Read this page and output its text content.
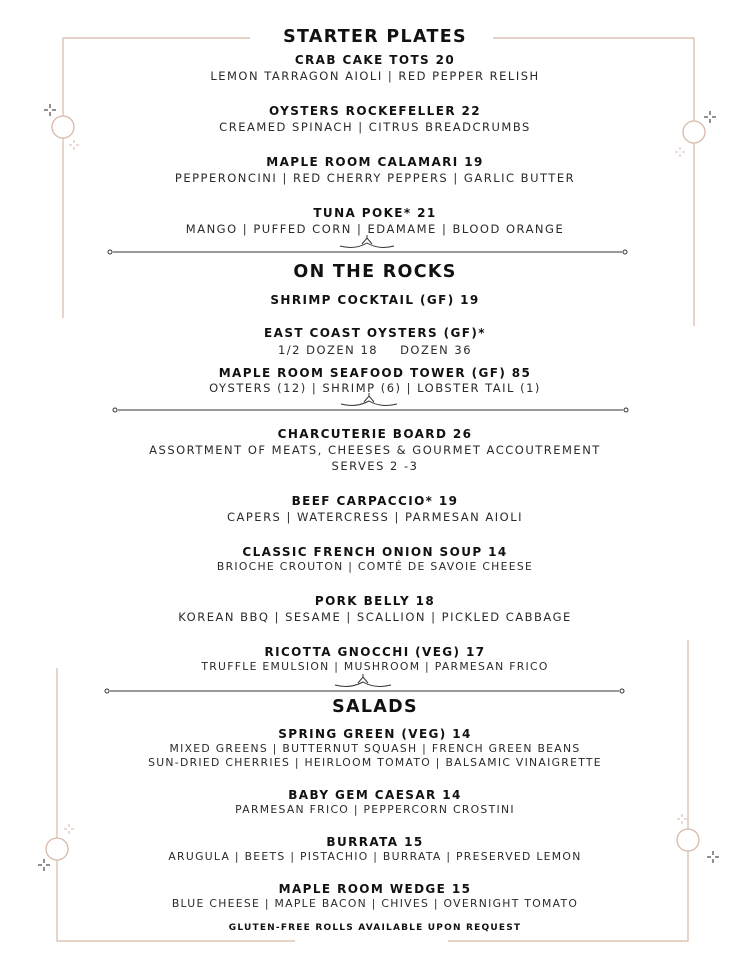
STARTER PLATES
CRAB CAKE TOTS 20
LEMON TARRAGON AIOLI | RED PEPPER RELISH
OYSTERS ROCKEFELLER 22
CREAMED SPINACH | CITRUS BREADCRUMBS
MAPLE ROOM CALAMARI 19
PEPPERONCINI | RED CHERRY PEPPERS | GARLIC BUTTER
TUNA POKE* 21
MANGO | PUFFED CORN | EDAMAME | BLOOD ORANGE
ON THE ROCKS
SHRIMP COCKTAIL (GF) 19
EAST COAST OYSTERS (GF)*
1/2 DOZEN 18 DOZEN 36
MAPLE ROOM SEAFOOD TOWER (GF) 85
OYSTERS (12) | SHRIMP (6) | LOBSTER TAIL (1)
CHARCUTERIE BOARD 26
ASSORTMENT OF MEATS, CHEESES & GOURMET ACCOUTREMENT
SERVES 2 -3
BEEF CARPACCIO* 19
CAPERS | WATERCRESS | PARMESAN AIOLI
CLASSIC FRENCH ONION SOUP 14
BRIOCHE CROUTON | COMTÉ DE SAVOIE CHEESE
PORK BELLY 18
KOREAN BBQ | SESAME | SCALLION | PICKLED CABBAGE
RICOTTA GNOCCHI (VEG) 17
TRUFFLE EMULSION | MUSHROOM | PARMESAN FRICO
SALADS
SPRING GREEN (VEG) 14
MIXED GREENS | BUTTERNUT SQUASH | FRENCH GREEN BEANS
SUN-DRIED CHERRIES | HEIRLOOM TOMATO | BALSAMIC VINAIGRETTE
BABY GEM CAESAR 14
PARMESAN FRICO | PEPPERCORN CROSTINI
BURRATA 15
ARUGULA | BEETS | PISTACHIO | BURRATA | PRESERVED LEMON
MAPLE ROOM WEDGE 15
BLUE CHEESE | MAPLE BACON | CHIVES | OVERNIGHT TOMATO
GLUTEN-FREE ROLLS AVAILABLE UPON REQUEST
